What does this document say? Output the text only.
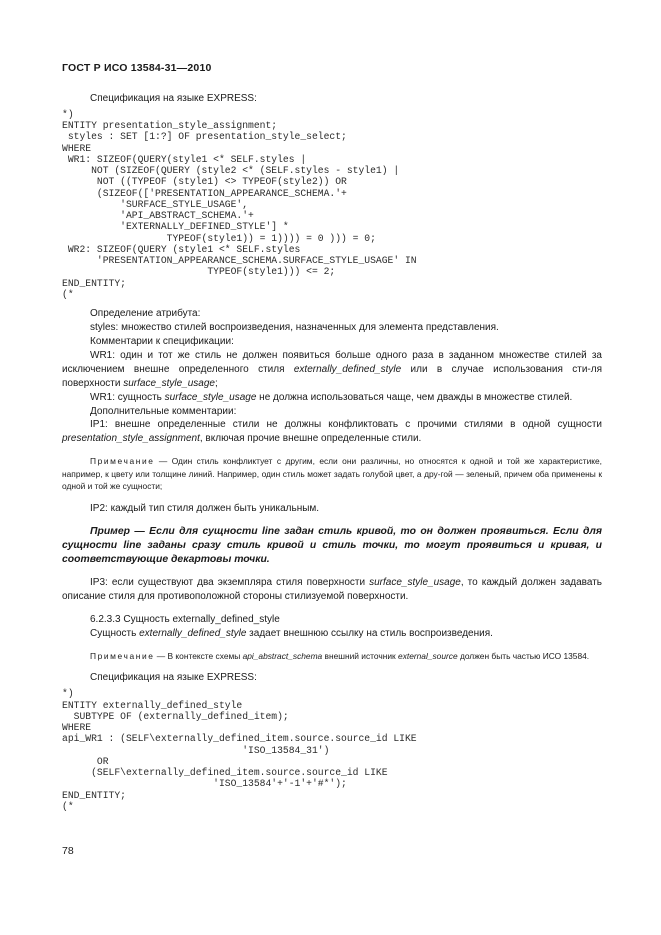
ГОСТ Р ИСО 13584-31—2010

Спецификация на языке EXPRESS:

*)
ENTITY presentation_style_assignment;
styles : SET [1:?] OF presentation_style_select;
WHERE
WR1: SIZEOF(QUERY(style1 <* SELF.styles |
NOT (SIZEOF(QUERY (style2 <* (SELF.styles - style1) |
NOT ((TYPEOF (style1) <> TYPEOF(style2)) OR
(SIZEOF(['PRESENTATION_APPEARANCE_SCHEMA.'+
'SURFACE_STYLE_USAGE',
'API_ABSTRACT_SCHEMA.'+
'EXTERNALLY_DEFINED_STYLE'] *
TYPEOF(style1)) = 1)))) = 0 ))) = 0;
WR2: SIZEOF(QUERY (style1 <* SELF.styles
'PRESENTATION_APPEARANCE_SCHEMA.SURFACE_STYLE_USAGE' IN
TYPEOF(style1))) <= 2;
END_ENTITY;
(*

Определение атрибута:

styles: множество стилей воспроизведения, назначенных для элемента представления.

Комментарии к спецификации:

WR1: один и тот же стиль не должен появиться больше одного раза в заданном множестве стилей за исключением внешне определенного стиля externally_defined_style или в случае использования сти-ля поверхности surface_style_usage;

WR1: сущность surface_style_usage не должна использоваться чаще, чем дважды в множестве стилей.

Дополнительные комментарии:

IP1: внешне определенные стили не должны конфликтовать с прочими стилями в одной сущности presentation_style_assignment, включая прочие внешне определенные стили.

Примечание — Один стиль конфликтует с другим, если они различны, но относятся к одной и той же характеристике, например, к цвету или толщине линий. Например, один стиль может задать голубой цвет, а дру-гой — зеленый, причем оба применены к одной и той же сущности;

IP2: каждый тип стиля должен быть уникальным.

Пример — Если для сущности line задан стиль кривой, то он должен проявиться. Если для сущности line заданы сразу стиль кривой и стиль точки, то могут проявиться и кривая, и соответствующие декартовы точки.

IP3: если существуют два экземпляра стиля поверхности surface_style_usage, то каждый должен задавать описание стиля для противоположной стороны стилизуемой поверхности.

6.2.3.3 Сущность externally_defined_style

Сущность externally_defined_style задает внешнюю ссылку на стиль воспроизведения.

Примечание — В контексте схемы api_abstract_schema внешний источник external_source должен быть частью ИСО 13584.

Спецификация на языке EXPRESS:

*)
ENTITY externally_defined_style
SUBTYPE OF (externally_defined_item);
WHERE
api_WR1 : (SELF\externally_defined_item.source.source_id LIKE
'ISO_13584_31')
OR
(SELF\externally_defined_item.source.source_id LIKE
'ISO_13584'+'-1'+'#*');
END_ENTITY;
(*
78
